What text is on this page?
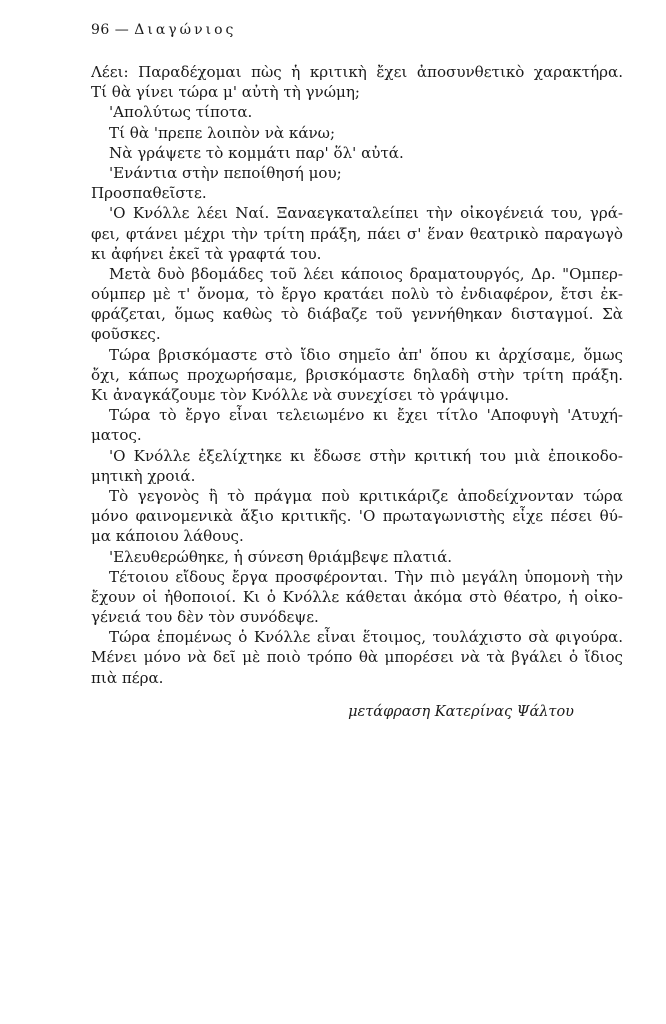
96 — Διαγώνιος
Λέει: Παραδέχομαι πὼς ἡ κριτικὴ ἔχει ἀποσυνθετικὸ χαρακτήρα.
Τί θὰ γίνει τώρα μ' αὐτὴ τὴ γνώμη;
'Απολύτως τίποτα.
Τί θὰ 'πρεπε λοιπὸν νὰ κάνω;
Νὰ γράψετε τὸ κομμάτι παρ' ὅλ' αὐτά.
'Ενάντια στὴν πεποίθησή μου;
Προσπαθεῖστε.
'Ο Κνόλλε λέει Ναί. Ξαναεγκαταλείπει τὴν οἰκογένειά του, γρά-
φει, φτάνει μέχρι τὴν τρίτη πράξη, πάει σ' ἕναν θεατρικὸ παραγωγὸ
κι ἀφήνει ἐκεῖ τὰ γραφτά του.
Μετὰ δυὸ βδομάδες τοῦ λέει κάποιος δραματουργός, Δρ. "Ομπερ-
ούμπερ μὲ τ' ὄνομα, τὸ ἔργο κρατάει πολὺ τὸ ἐνδιαφέρον, ἔτσι ἐκ-
φράζεται, ὅμως καθὼς τὸ διάβαζε τοῦ γεννήθηκαν δισταγμοί. Σὰ
φοῦσκες.
Τώρα βρισκόμαστε στὸ ἴδιο σημεῖο ἀπ' ὅπου κι ἀρχίσαμε, ὅμως
ὄχι, κάπως προχωρήσαμε, βρισκόμαστε δηλαδὴ στὴν τρίτη πράξη.
Κι ἀναγκάζουμε τὸν Κνόλλε νὰ συνεχίσει τὸ γράψιμο.
Τώρα τὸ ἔργο εἶναι τελειωμένο κι ἔχει τίτλο 'Αποφυγὴ 'Ατυχή-
ματος.
'Ο Κνόλλε ἐξελίχτηκε κι ἔδωσε στὴν κριτική του μιὰ ἐποικοδο-
μητικὴ χροιά.
Τὸ γεγονὸς ἢ τὸ πράγμα ποὺ κριτικάριζε ἀποδείχνονταν τώρα
μόνο φαινομενικὰ ἄξιο κριτικῆς. 'Ο πρωταγωνιστὴς εἶχε πέσει θύ-
μα κάποιου λάθους.
'Ελευθερώθηκε, ἡ σύνεση θριάμβεψε πλατιά.
Τέτοιου εἴδους ἔργα προσφέρονται. Τὴν πιὸ μεγάλη ὑπομονὴ τὴν
ἔχουν οἱ ἠθοποιοί. Κι ὁ Κνόλλε κάθεται ἀκόμα στὸ θέατρο, ἡ οἰκο-
γένειά του δὲν τὸν συνόδεψε.
Τώρα ἑπομένως ὁ Κνόλλε εἶναι ἕτοιμος, τουλάχιστο σὰ φιγούρα.
Μένει μόνο νὰ δεῖ μὲ ποιὸ τρόπο θὰ μπορέσει νὰ τὰ βγάλει ὁ ἴδιος
πιὰ πέρα.
μετάφραση Κατερίνας Ψάλτου
